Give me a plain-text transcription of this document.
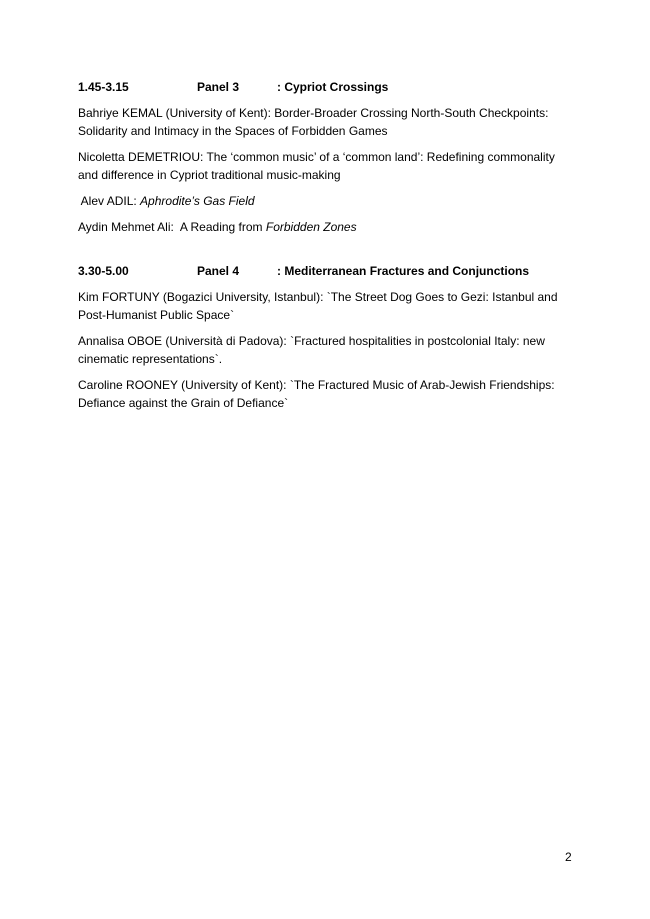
1.45-3.15	Panel 3	: Cypriot Crossings

Bahriye KEMAL (University of Kent): Border-Broader Crossing North-South Checkpoints: Solidarity and Intimacy in the Spaces of Forbidden Games

Nicoletta DEMETRIOU: The ‘common music’ of a ‘common land’: Redefining commonality and difference in Cypriot traditional music-making

Alev ADIL: Aphrodite’s Gas Field

Aydin Mehmet Ali:  A Reading from Forbidden Zones

3.30-5.00	Panel 4	: Mediterranean Fractures and Conjunctions

Kim FORTUNY (Bogazici University, Istanbul): `The Street Dog Goes to Gezi: Istanbul and Post-Humanist Public Space`

Annalisa OBOE (Università di Padova): `Fractured hospitalities in postcolonial Italy: new cinematic representations`.

Caroline ROONEY (University of Kent): `The Fractured Music of Arab-Jewish Friendships: Defiance against the Grain of Defiance`

2
